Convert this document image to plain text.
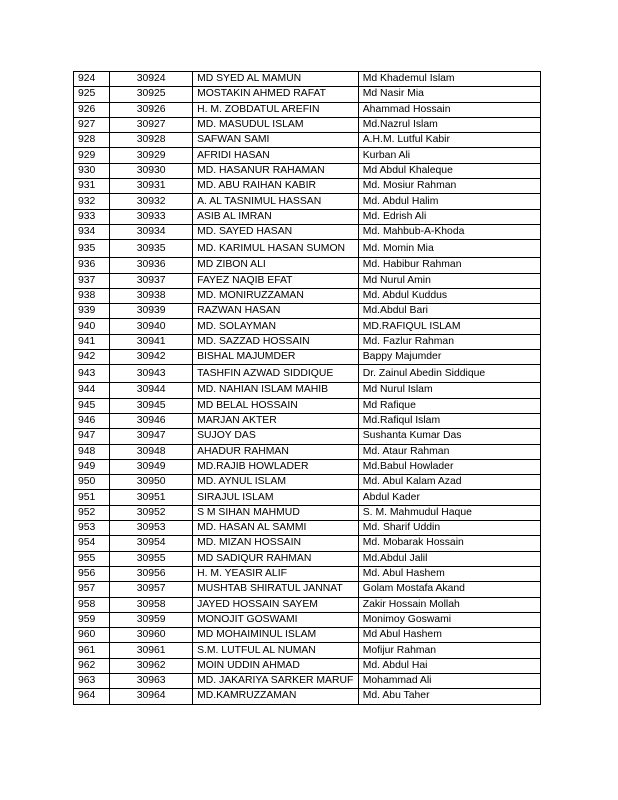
924	30924	MD SYED AL MAMUN	Md Khademul Islam
925	30925	MOSTAKIN AHMED RAFAT	Md Nasir Mia
926	30926	H. M. ZOBDATUL AREFIN	Ahammad Hossain
927	30927	MD. MASUDUL ISLAM	Md.Nazrul Islam
928	30928	SAFWAN SAMI	A.H.M. Lutful Kabir
929	30929	AFRIDI HASAN	Kurban Ali
930	30930	MD. HASANUR RAHAMAN	Md Abdul Khaleque
931	30931	MD. ABU RAIHAN KABIR	Md. Mosiur Rahman
932	30932	A. AL TASNIMUL HASSAN	Md. Abdul Halim
933	30933	ASIB AL IMRAN	Md. Edrish Ali
934	30934	MD. SAYED HASAN	Md. Mahbub-A-Khoda
935	30935	MD. KARIMUL HASAN SUMON	Md. Momin Mia
936	30936	MD ZIBON ALI	Md. Habibur Rahman
937	30937	FAYEZ NAQIB EFAT	Md Nurul Amin
938	30938	MD. MONIRUZZAMAN	Md. Abdul Kuddus
939	30939	RAZWAN HASAN	Md.Abdul Bari
940	30940	MD. SOLAYMAN	MD.RAFIQUL ISLAM
941	30941	MD. SAZZAD HOSSAIN	Md. Fazlur Rahman
942	30942	BISHAL MAJUMDER	Bappy Majumder
943	30943	TASHFIN AZWAD SIDDIQUE	Dr. Zainul Abedin Siddique
944	30944	MD. NAHIAN ISLAM MAHIB	Md Nurul Islam
945	30945	MD BELAL HOSSAIN	Md Rafique
946	30946	MARJAN AKTER	Md.Rafiqul Islam
947	30947	SUJOY DAS	Sushanta Kumar Das
948	30948	AHADUR RAHMAN	Md. Ataur Rahman
949	30949	MD.RAJIB HOWLADER	Md.Babul Howlader
950	30950	MD. AYNUL ISLAM	Md. Abul Kalam Azad
951	30951	SIRAJUL ISLAM	Abdul Kader
952	30952	S M SIHAN MAHMUD	S. M. Mahmudul Haque
953	30953	MD. HASAN AL SAMMI	Md. Sharif Uddin
954	30954	MD. MIZAN HOSSAIN	Md. Mobarak Hossain
955	30955	MD SADIQUR RAHMAN	Md.Abdul Jalil
956	30956	H. M. YEASIR ALIF	Md. Abul Hashem
957	30957	MUSHTAB SHIRATUL JANNAT	Golam Mostafa Akand
958	30958	JAYED HOSSAIN SAYEM	Zakir Hossain Mollah
959	30959	MONOJIT GOSWAMI	Monimoy Goswami
960	30960	MD MOHAIMINUL ISLAM	Md Abul Hashem
961	30961	S.M. LUTFUL AL NUMAN	Mofijur Rahman
962	30962	MOIN UDDIN AHMAD	Md. Abdul Hai
963	30963	MD. JAKARIYA SARKER MARUF	Mohammad Ali
964	30964	MD.KAMRUZZAMAN	Md. Abu Taher
